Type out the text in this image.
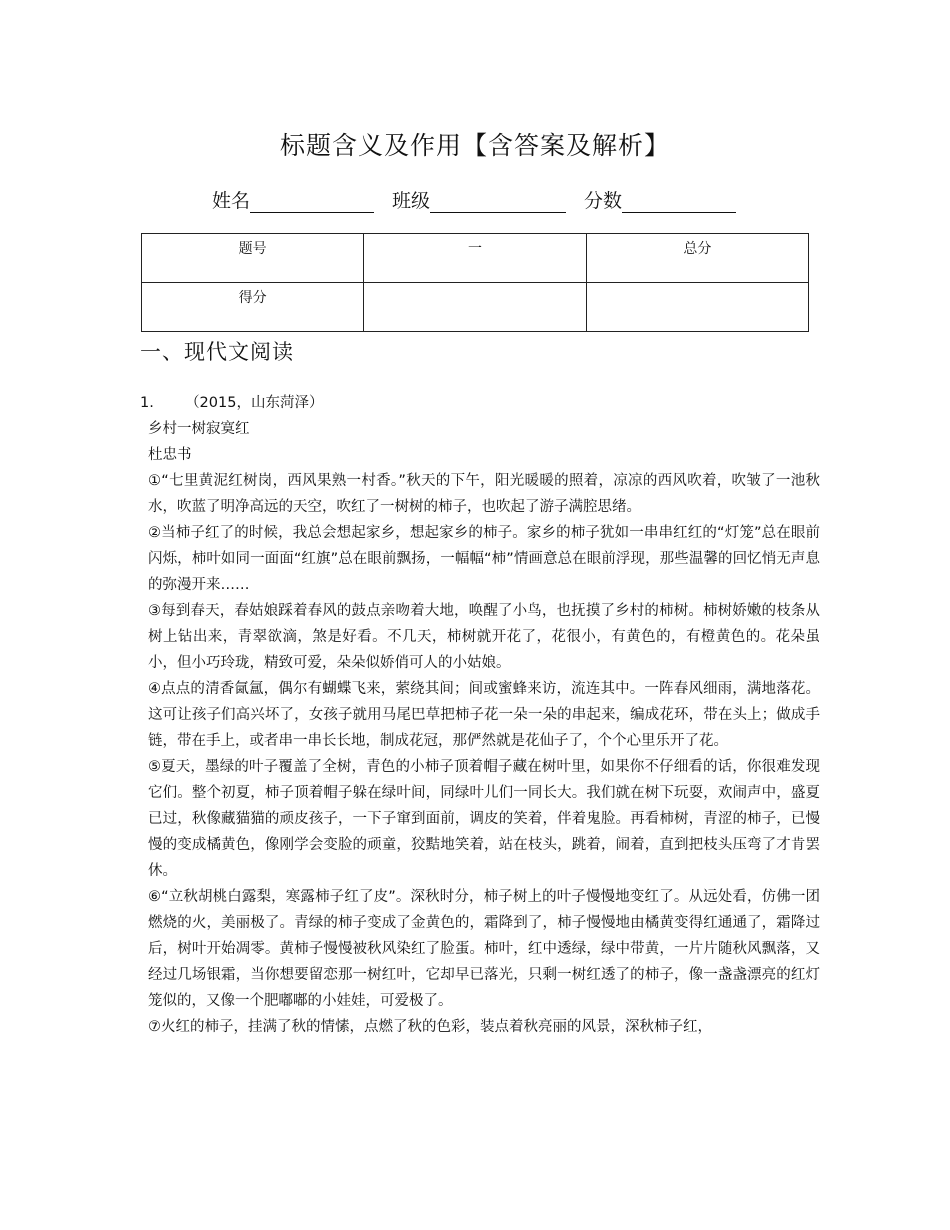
标题含义及作用【含答案及解析】
姓名	班级	分数
题号	一	总分
得分		
一、现代文阅读

1. （2015，山东菏泽）

乡村一树寂寞红

杜忠书

①“七里黄泥红树岗，西风果熟一村香。”秋天的下午，阳光暖暖的照着，凉凉的西风吹着，吹皱了一池秋水，吹蓝了明净高远的天空，吹红了一树树的柿子，也吹起了游子满腔思绪。

②当柿子红了的时候，我总会想起家乡，想起家乡的柿子。家乡的柿子犹如一串串红红的“灯笼”总在眼前闪烁，柿叶如同一面面“红旗”总在眼前飘扬，一幅幅“柿”情画意总在眼前浮现，那些温馨的回忆悄无声息的弥漫开来……

③每到春天，春姑娘踩着春风的鼓点亲吻着大地，唤醒了小鸟，也抚摸了乡村的柿树。柿树娇嫩的枝条从树上钻出来，青翠欲滴，煞是好看。不几天，柿树就开花了，花很小，有黄色的，有橙黄色的。花朵虽小，但小巧玲珑，精致可爱，朵朵似娇俏可人的小姑娘。

④点点的清香氤氲，偶尔有蝴蝶飞来，萦绕其间；间或蜜蜂来访，流连其中。一阵春风细雨，满地落花。这可让孩子们高兴坏了，女孩子就用马尾巴草把柿子花一朵一朵的串起来，编成花环，带在头上；做成手链，带在手上，或者串一串长长地，制成花冠，那俨然就是花仙子了，个个心里乐开了花。

⑤夏天，墨绿的叶子覆盖了全树，青色的小柿子顶着帽子藏在树叶里，如果你不仔细看的话，你很难发现它们。整个初夏，柿子顶着帽子躲在绿叶间，同绿叶儿们一同长大。我们就在树下玩耍，欢闹声中，盛夏已过，秋像藏猫猫的顽皮孩子，一下子窜到面前，调皮的笑着，伴着鬼脸。再看柿树，青涩的柿子，已慢慢的变成橘黄色，像刚学会变脸的顽童，狡黠地笑着，站在枝头，跳着，闹着，直到把枝头压弯了才肯罢休。

⑥“立秋胡桃白露梨，寒露柿子红了皮”。深秋时分，柿子树上的叶子慢慢地变红了。从远处看，仿佛一团燃烧的火，美丽极了。青绿的柿子变成了金黄色的，霜降到了，柿子慢慢地由橘黄变得红通通了，霜降过后，树叶开始凋零。黄柿子慢慢被秋风染红了脸蛋。柿叶，红中透绿，绿中带黄，一片片随秋风飘落，又经过几场银霜，当你想要留恋那一树红叶，它却早已落光，只剩一树红透了的柿子，像一盏盏漂亮的红灯笼似的，又像一个肥嘟嘟的小娃娃，可爱极了。

⑦火红的柿子，挂满了秋的情愫，点燃了秋的色彩，装点着秋亮丽的风景，深秋柿子红，
